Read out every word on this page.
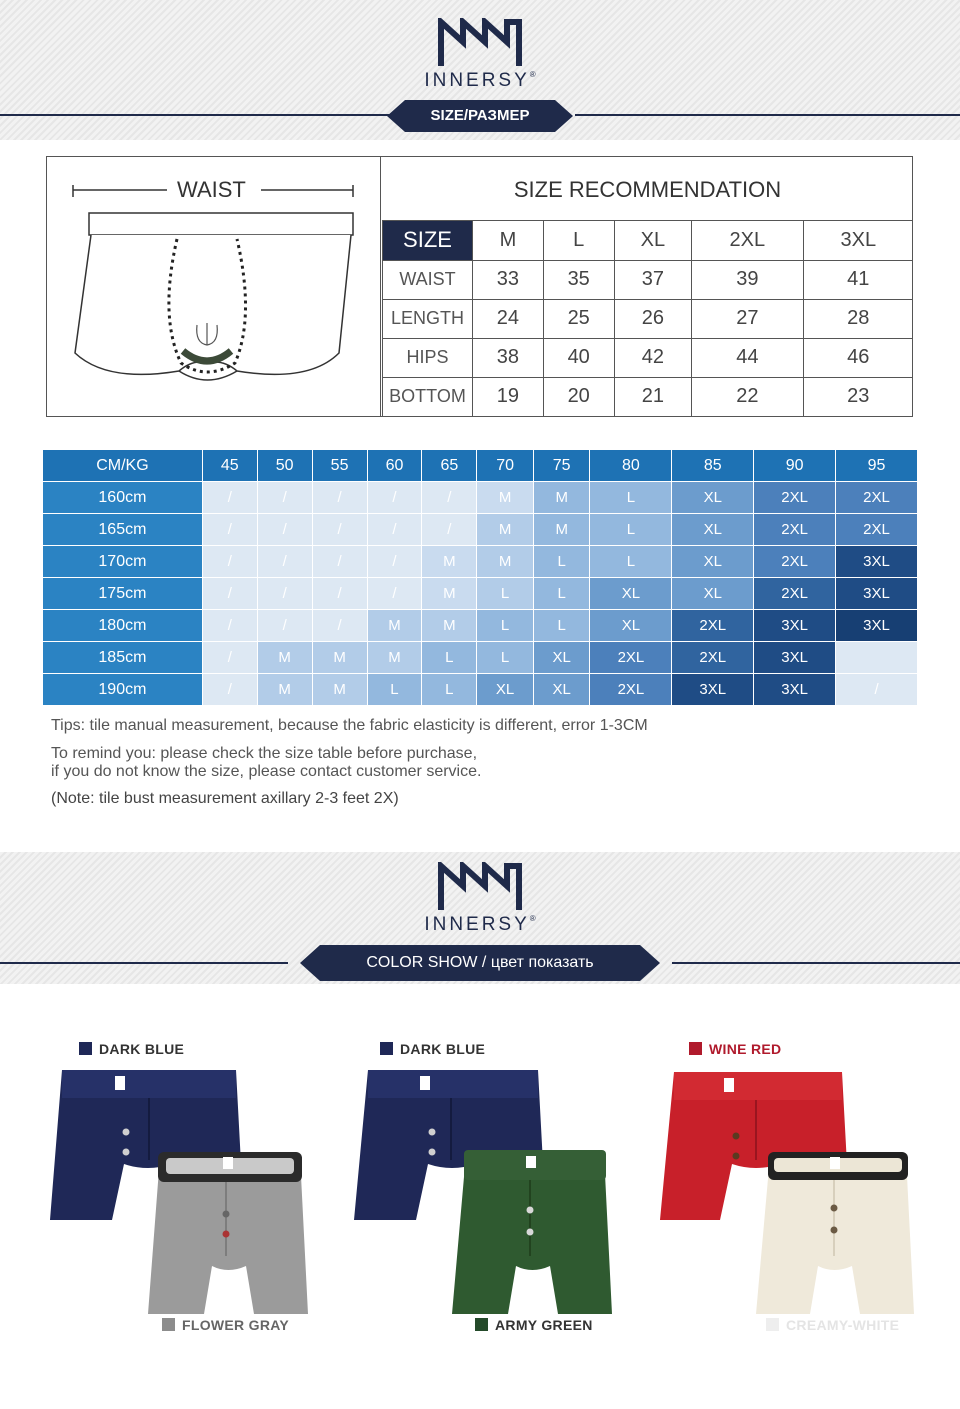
INNERSY®
SIZE/РАЗМЕР
WAIST	SIZE RECOMMENDATION
SIZE	M	L	XL	2XL	3XL
WAIST	33	35	37	39	41
LENGTH	24	25	26	27	28
HIPS	38	40	42	44	46
BOTTOM	19	20	21	22	23
CM/KG	45	50	55	60	65	70	75	80	85	90	95
160cm	/	/	/	/	/	M	M	L	XL	2XL	2XL
165cm	/	/	/	/	/	M	M	L	XL	2XL	2XL
170cm	/	/	/	/	M	M	L	L	XL	2XL	3XL
175cm	/	/	/	/	M	L	L	XL	XL	2XL	3XL
180cm	/	/	/	M	M	L	L	XL	2XL	3XL	3XL
185cm	/	M	M	M	L	L	XL	2XL	2XL	3XL	
190cm	/	M	M	L	L	XL	XL	2XL	3XL	3XL	/
Tips: tile manual measurement, because the fabric elasticity is different, error 1-3CM
To remind you: please check the size table before purchase,
if you do not know the size, please contact customer service.
(Note: tile bust measurement axillary 2-3 feet 2X)
INNERSY®
COLOR SHOW / цвет показать
DARK BLUE	DARK BLUE	WINE RED
FLOWER GRAY	ARMY GREEN	CREAMY-WHITE
